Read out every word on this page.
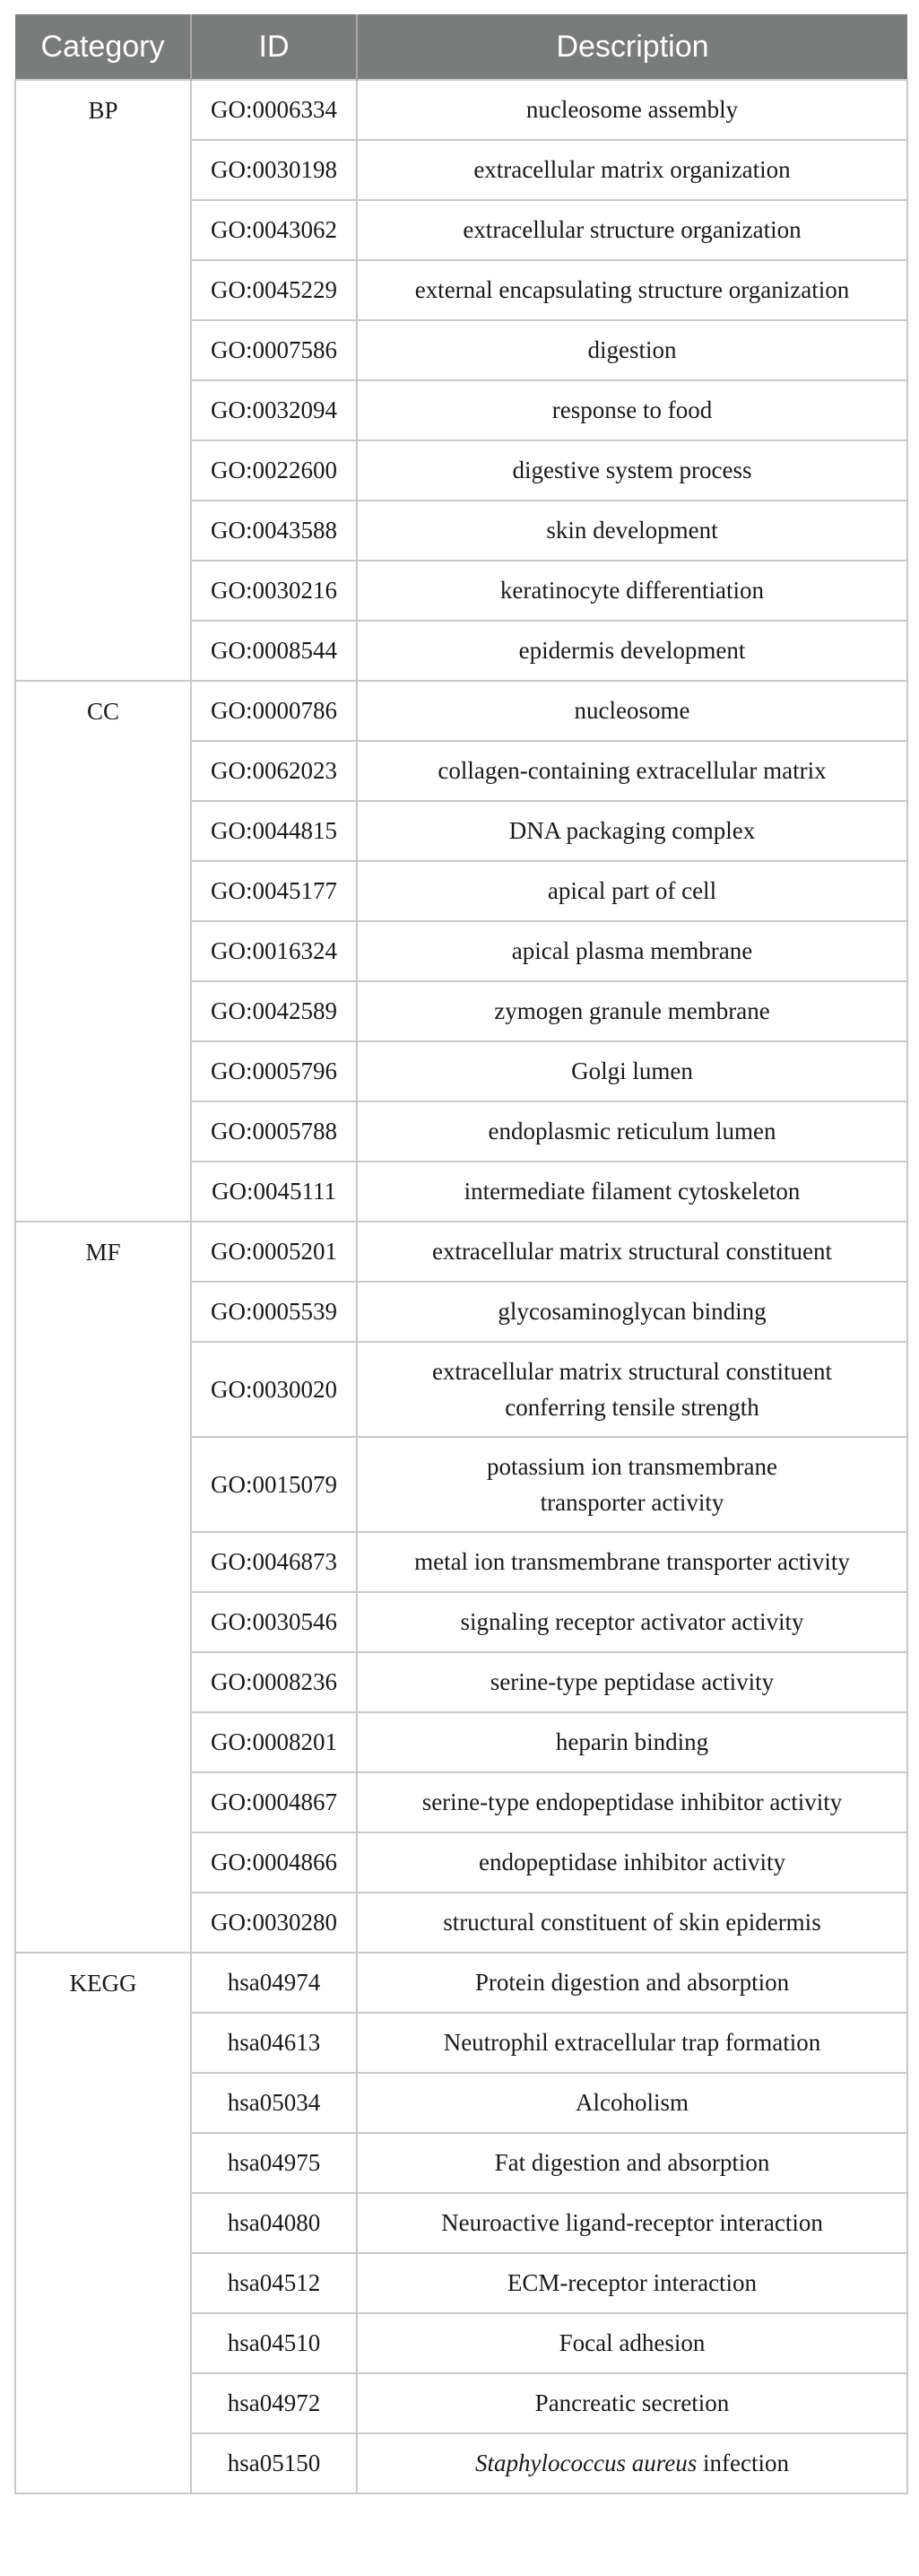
Category	ID	Description
BP	GO:0006334	nucleosome assembly
	GO:0030198	extracellular matrix organization
	GO:0043062	extracellular structure organization
	GO:0045229	external encapsulating structure organization
	GO:0007586	digestion
	GO:0032094	response to food
	GO:0022600	digestive system process
	GO:0043588	skin development
	GO:0030216	keratinocyte differentiation
	GO:0008544	epidermis development
CC	GO:0000786	nucleosome
	GO:0062023	collagen-containing extracellular matrix
	GO:0044815	DNA packaging complex
	GO:0045177	apical part of cell
	GO:0016324	apical plasma membrane
	GO:0042589	zymogen granule membrane
	GO:0005796	Golgi lumen
	GO:0005788	endoplasmic reticulum lumen
	GO:0045111	intermediate filament cytoskeleton
MF	GO:0005201	extracellular matrix structural constituent
	GO:0005539	glycosaminoglycan binding
	GO:0030020	extracellular matrix structural constituent
conferring tensile strength

	GO:0015079	potassium ion transmembrane
transporter activity

	GO:0046873	metal ion transmembrane transporter activity
	GO:0030546	signaling receptor activator activity
	GO:0008236	serine-type peptidase activity
	GO:0008201	heparin binding
	GO:0004867	serine-type endopeptidase inhibitor activity
	GO:0004866	endopeptidase inhibitor activity
	GO:0030280	structural constituent of skin epidermis
KEGG	hsa04974	Protein digestion and absorption
	hsa04613	Neutrophil extracellular trap formation
	hsa05034	Alcoholism
	hsa04975	Fat digestion and absorption
	hsa04080	Neuroactive ligand-receptor interaction
	hsa04512	ECM-receptor interaction
	hsa04510	Focal adhesion
	hsa04972	Pancreatic secretion
	hsa05150	Staphylococcus aureus infection
